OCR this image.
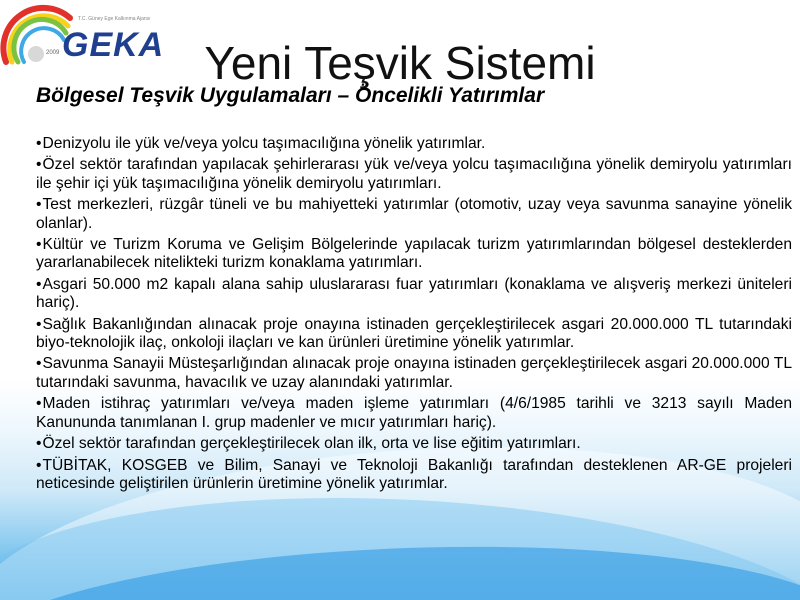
T.C. Güney Ege Kalkınma Ajansı
GEKA
2009	Yeni Teşvik Sistemi
Bölgesel Teşvik Uygulamaları – Öncelikli Yatırımlar
•Denizyolu ile yük ve/veya yolcu taşımacılığına yönelik yatırımlar.
•Özel sektör tarafından yapılacak şehirlerarası yük ve/veya yolcu taşımacılığına yönelik demiryolu yatırımları ile şehir içi yük taşımacılığına yönelik demiryolu yatırımları.
•Test merkezleri, rüzgâr tüneli ve bu mahiyetteki yatırımlar (otomotiv, uzay veya savunma sanayine yönelik olanlar).
•Kültür ve Turizm Koruma ve Gelişim Bölgelerinde yapılacak turizm yatırımlarından bölgesel desteklerden yararlanabilecek nitelikteki turizm konaklama yatırımları.
•Asgari 50.000 m2 kapalı alana sahip uluslararası fuar yatırımları (konaklama ve alışveriş merkezi üniteleri hariç).
•Sağlık Bakanlığından alınacak proje onayına istinaden gerçekleştirilecek asgari 20.000.000 TL tutarındaki biyo-teknolojik ilaç, onkoloji ilaçları ve kan ürünleri üretimine yönelik yatırımlar.
•Savunma Sanayii Müsteşarlığından alınacak proje onayına istinaden gerçekleştirilecek asgari 20.000.000 TL tutarındaki savunma, havacılık ve uzay alanındaki yatırımlar.
•Maden istihraç yatırımları ve/veya maden işleme yatırımları (4/6/1985 tarihli ve 3213 sayılı Maden Kanununda tanımlanan I. grup madenler ve mıcır yatırımları hariç).
•Özel sektör tarafından gerçekleştirilecek olan ilk, orta ve lise eğitim yatırımları.
•TÜBİTAK, KOSGEB ve Bilim, Sanayi ve Teknoloji Bakanlığı tarafından desteklenen AR-GE projeleri neticesinde geliştirilen ürünlerin üretimine yönelik yatırımlar.
